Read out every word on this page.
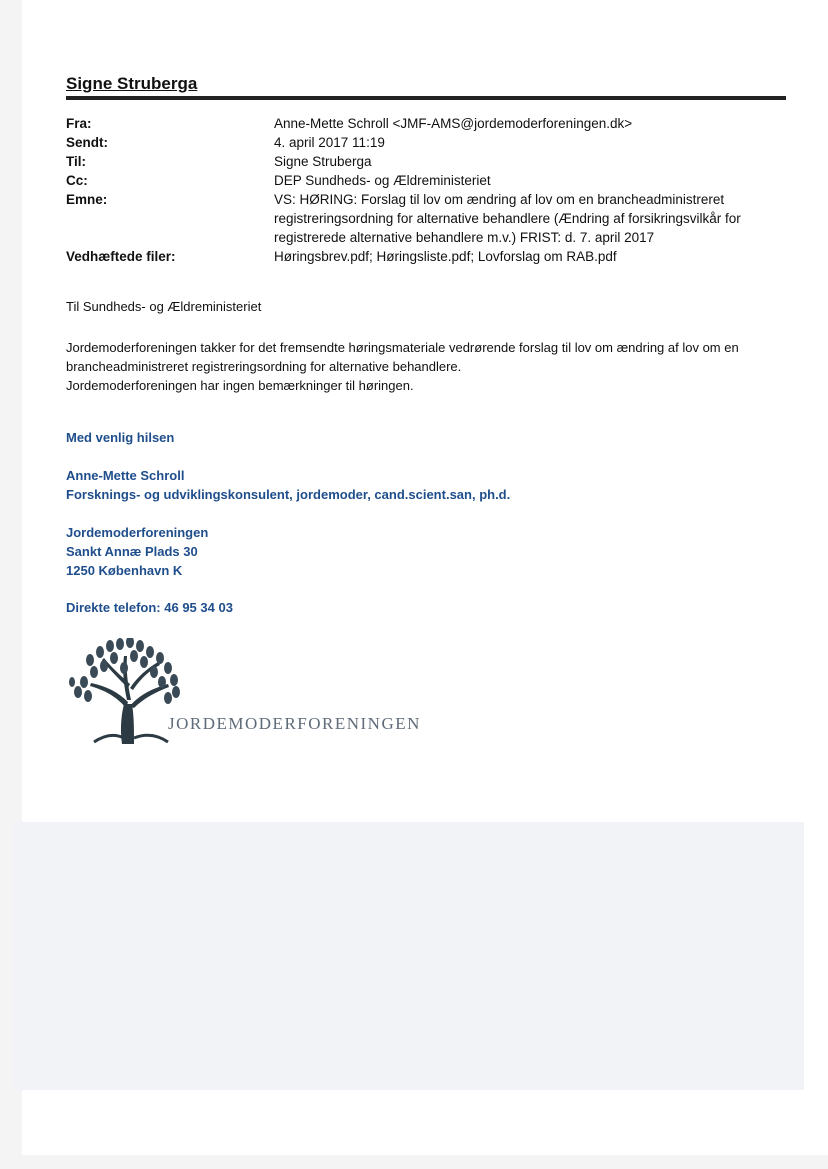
Signe Struberga
Fra:	Anne-Mette Schroll <JMF-AMS@jordemoderforeningen.dk>
Sendt:	4. april 2017 11:19
Til:	Signe Struberga
Cc:	DEP Sundheds- og Ældreministeriet
Emne:	VS: HØRING: Forslag til lov om ændring af lov om en brancheadministreret registreringsordning for alternative behandlere (Ændring af forsikringsvilkår for registrerede alternative behandlere m.v.) FRIST: d. 7. april 2017
Vedhæftede filer:	Høringsbrev.pdf; Høringsliste.pdf; Lovforslag om RAB.pdf
Til Sundheds- og Ældreministeriet
Jordemoderforeningen takker for det fremsendte høringsmateriale vedrørende forslag til lov om ændring af lov om en brancheadministreret registreringsordning for alternative behandlere.
Jordemoderforeningen har ingen bemærkninger til høringen.
Med venlig hilsen
Anne-Mette Schroll
Forsknings- og udviklingskonsulent, jordemoder, cand.scient.san, ph.d.
Jordemoderforeningen
Sankt Annæ Plads 30
1250 København K
Direkte telefon: 46 95 34 03
JORDEMODERFORENINGEN
